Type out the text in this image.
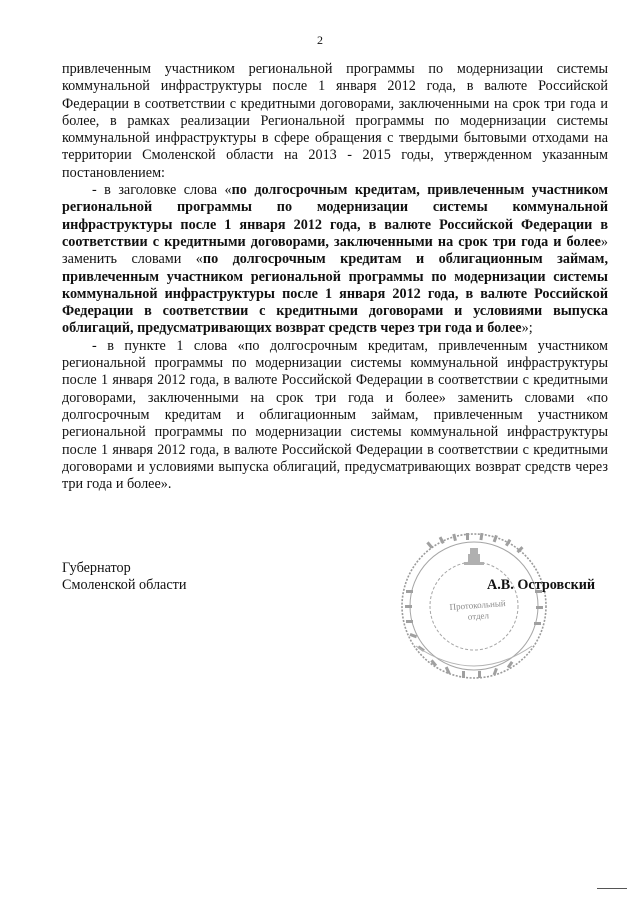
2

привлеченным участником региональной программы по модернизации системы коммунальной инфраструктуры после 1 января 2012 года, в валюте Российской Федерации в соответствии с кредитными договорами, заключенными на срок три года и более, в рамках реализации Региональной программы по модернизации системы коммунальной инфраструктуры в сфере обращения с твердыми бытовыми отходами на территории Смоленской области на 2013 - 2015 годы, утвержденном указанным постановлением:

- в заголовке слова «по долгосрочным кредитам, привлеченным участником региональной программы по модернизации системы коммунальной инфраструктуры после 1 января 2012 года, в валюте Российской Федерации в соответствии с кредитными договорами, заключенными на срок три года и более» заменить словами «по долгосрочным кредитам и облигационным займам, привлеченным участником региональной программы по модернизации системы коммунальной инфраструктуры после 1 января 2012 года, в валюте Российской Федерации в соответствии с кредитными договорами и условиями выпуска облигаций, предусматривающих возврат средств через три года и более»;

- в пункте 1 слова «по долгосрочным кредитам, привлеченным участником региональной программы по модернизации системы коммунальной инфраструктуры после 1 января 2012 года, в валюте Российской Федерации в соответствии с кредитными договорами, заключенными на срок три года и более» заменить словами «по долгосрочным кредитам и облигационным займам, привлеченным участником региональной программы по модернизации системы коммунальной инфраструктуры после 1 января 2012 года, в валюте Российской Федерации в соответствии с кредитными договорами и условиями выпуска облигаций, предусматривающих возврат средств через три года и более».

Губернатор
Смоленской области
Протокольный
отдел
А.В. Островский
